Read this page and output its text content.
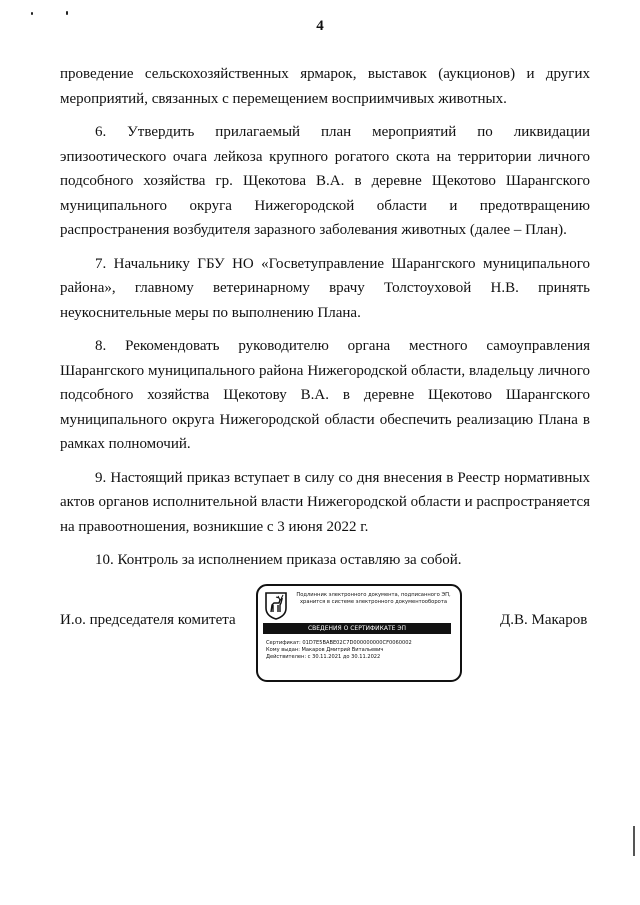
4

проведение сельскохозяйственных ярмарок, выставок (аукционов) и других мероприятий, связанных с перемещением восприимчивых животных.

6. Утвердить прилагаемый план мероприятий по ликвидации эпизоотического очага лейкоза крупного рогатого скота на территории личного подсобного хозяйства гр. Щекотова В.А. в деревне Щекотово Шарангского муниципального округа Нижегородской области и предотвращению распространения возбудителя заразного заболевания животных (далее – План).

7. Начальнику ГБУ НО «Госветуправление Шарангского муниципального района», главному ветеринарному врачу Толстоуховой Н.В. принять неукоснительные меры по выполнению Плана.

8. Рекомендовать руководителю органа местного самоуправления Шарангского муниципального района Нижегородской области, владельцу личного подсобного хозяйства Щекотову В.А. в деревне Щекотово Шарангского муниципального округа Нижегородской области обеспечить реализацию Плана в рамках полномочий.

9. Настоящий приказ вступает в силу со дня внесения в Реестр нормативных актов органов исполнительной власти Нижегородской области и распространяется на правоотношения, возникшие с 3 июня 2022 г.

10. Контроль за исполнением приказа оставляю за собой.

И.о. председателя комитета
Подлинник электронного документа, подписанного ЭП,
хранится в системе электронного документооборота
СВЕДЕНИЯ О СЕРТИФИКАТЕ ЭП
Сертификат: 01D7E5BABE02C7D000000000CF0060002
Кому выдан: Макаров Дмитрий Витальевич
Действителен: с 30.11.2021 до 30.11.2022
Д.В. Макаров
